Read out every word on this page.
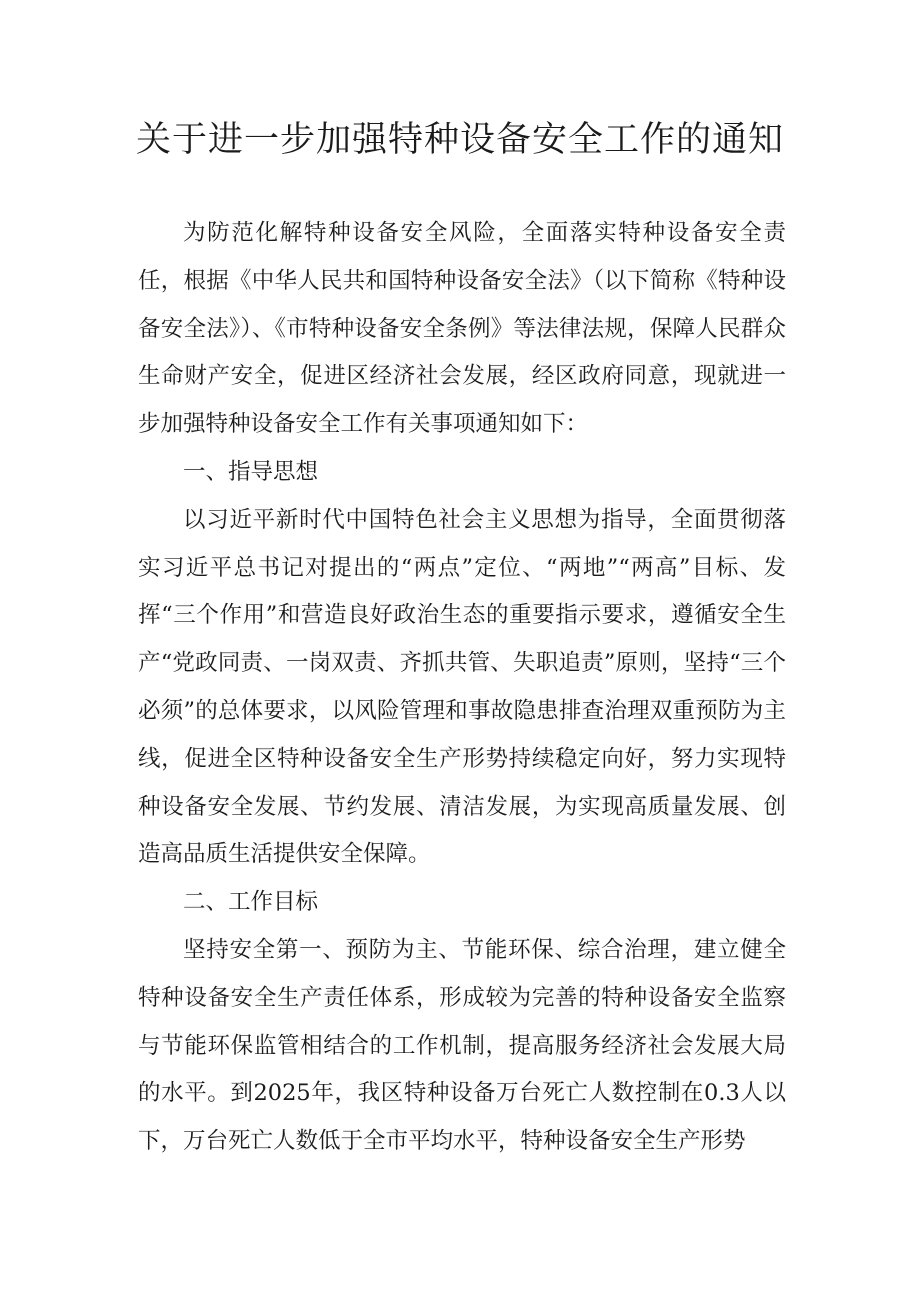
关于进一步加强特种设备安全工作的通知

为防范化解特种设备安全风险，全面落实特种设备安全责任，根据《中华人民共和国特种设备安全法》（以下简称《特种设备安全法》）、《市特种设备安全条例》等法律法规，保障人民群众生命财产安全，促进区经济社会发展，经区政府同意，现就进一步加强特种设备安全工作有关事项通知如下：

一、指导思想

以习近平新时代中国特色社会主义思想为指导，全面贯彻落实习近平总书记对提出的“两点”定位、“两地”“两高”目标、发挥“三个作用”和营造良好政治生态的重要指示要求，遵循安全生产“党政同责、一岗双责、齐抓共管、失职追责”原则，坚持“三个必须”的总体要求，以风险管理和事故隐患排查治理双重预防为主线，促进全区特种设备安全生产形势持续稳定向好，努力实现特种设备安全发展、节约发展、清洁发展，为实现高质量发展、创造高品质生活提供安全保障。

二、工作目标

坚持安全第一、预防为主、节能环保、综合治理，建立健全特种设备安全生产责任体系，形成较为完善的特种设备安全监察与节能环保监管相结合的工作机制，提高服务经济社会发展大局的水平。到2025年，我区特种设备万台死亡人数控制在0.3人以下，万台死亡人数低于全市平均水平，特种设备安全生产形势
